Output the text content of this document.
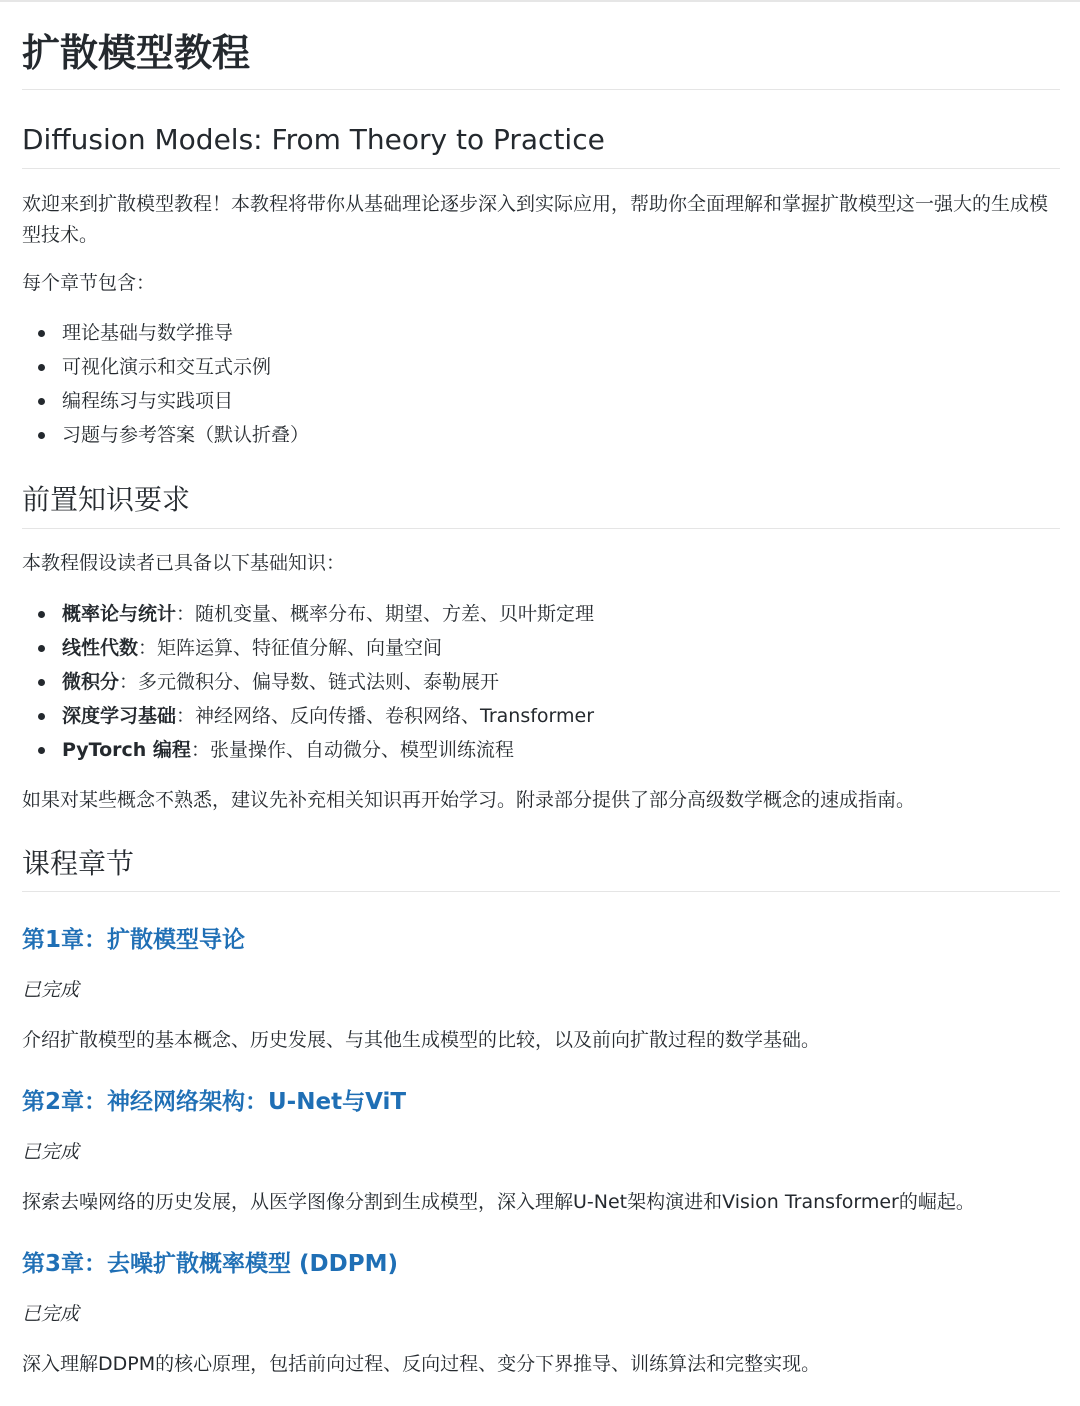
扩散模型教程
Diffusion Models: From Theory to Practice

欢迎来到扩散模型教程！本教程将带你从基础理论逐步深入到实际应用，帮助你全面理解和掌握扩散模型这一强大的生成模型技术。

每个章节包含：

理论基础与数学推导
可视化演示和交互式示例
编程练习与实践项目
习题与参考答案（默认折叠）
前置知识要求

本教程假设读者已具备以下基础知识：

概率论与统计：随机变量、概率分布、期望、方差、贝叶斯定理
线性代数：矩阵运算、特征值分解、向量空间
微积分：多元微积分、偏导数、链式法则、泰勒展开
深度学习基础：神经网络、反向传播、卷积网络、Transformer
PyTorch 编程：张量操作、自动微分、模型训练流程

如果对某些概念不熟悉，建议先补充相关知识再开始学习。附录部分提供了部分高级数学概念的速成指南。

课程章节
第1章：扩散模型导论

已完成

介绍扩散模型的基本概念、历史发展、与其他生成模型的比较，以及前向扩散过程的数学基础。

第2章：神经网络架构：U-Net与ViT

已完成

探索去噪网络的历史发展，从医学图像分割到生成模型，深入理解U-Net架构演进和Vision Transformer的崛起。

第3章：去噪扩散概率模型 (DDPM)

已完成

深入理解DDPM的核心原理，包括前向过程、反向过程、变分下界推导、训练算法和完整实现。
